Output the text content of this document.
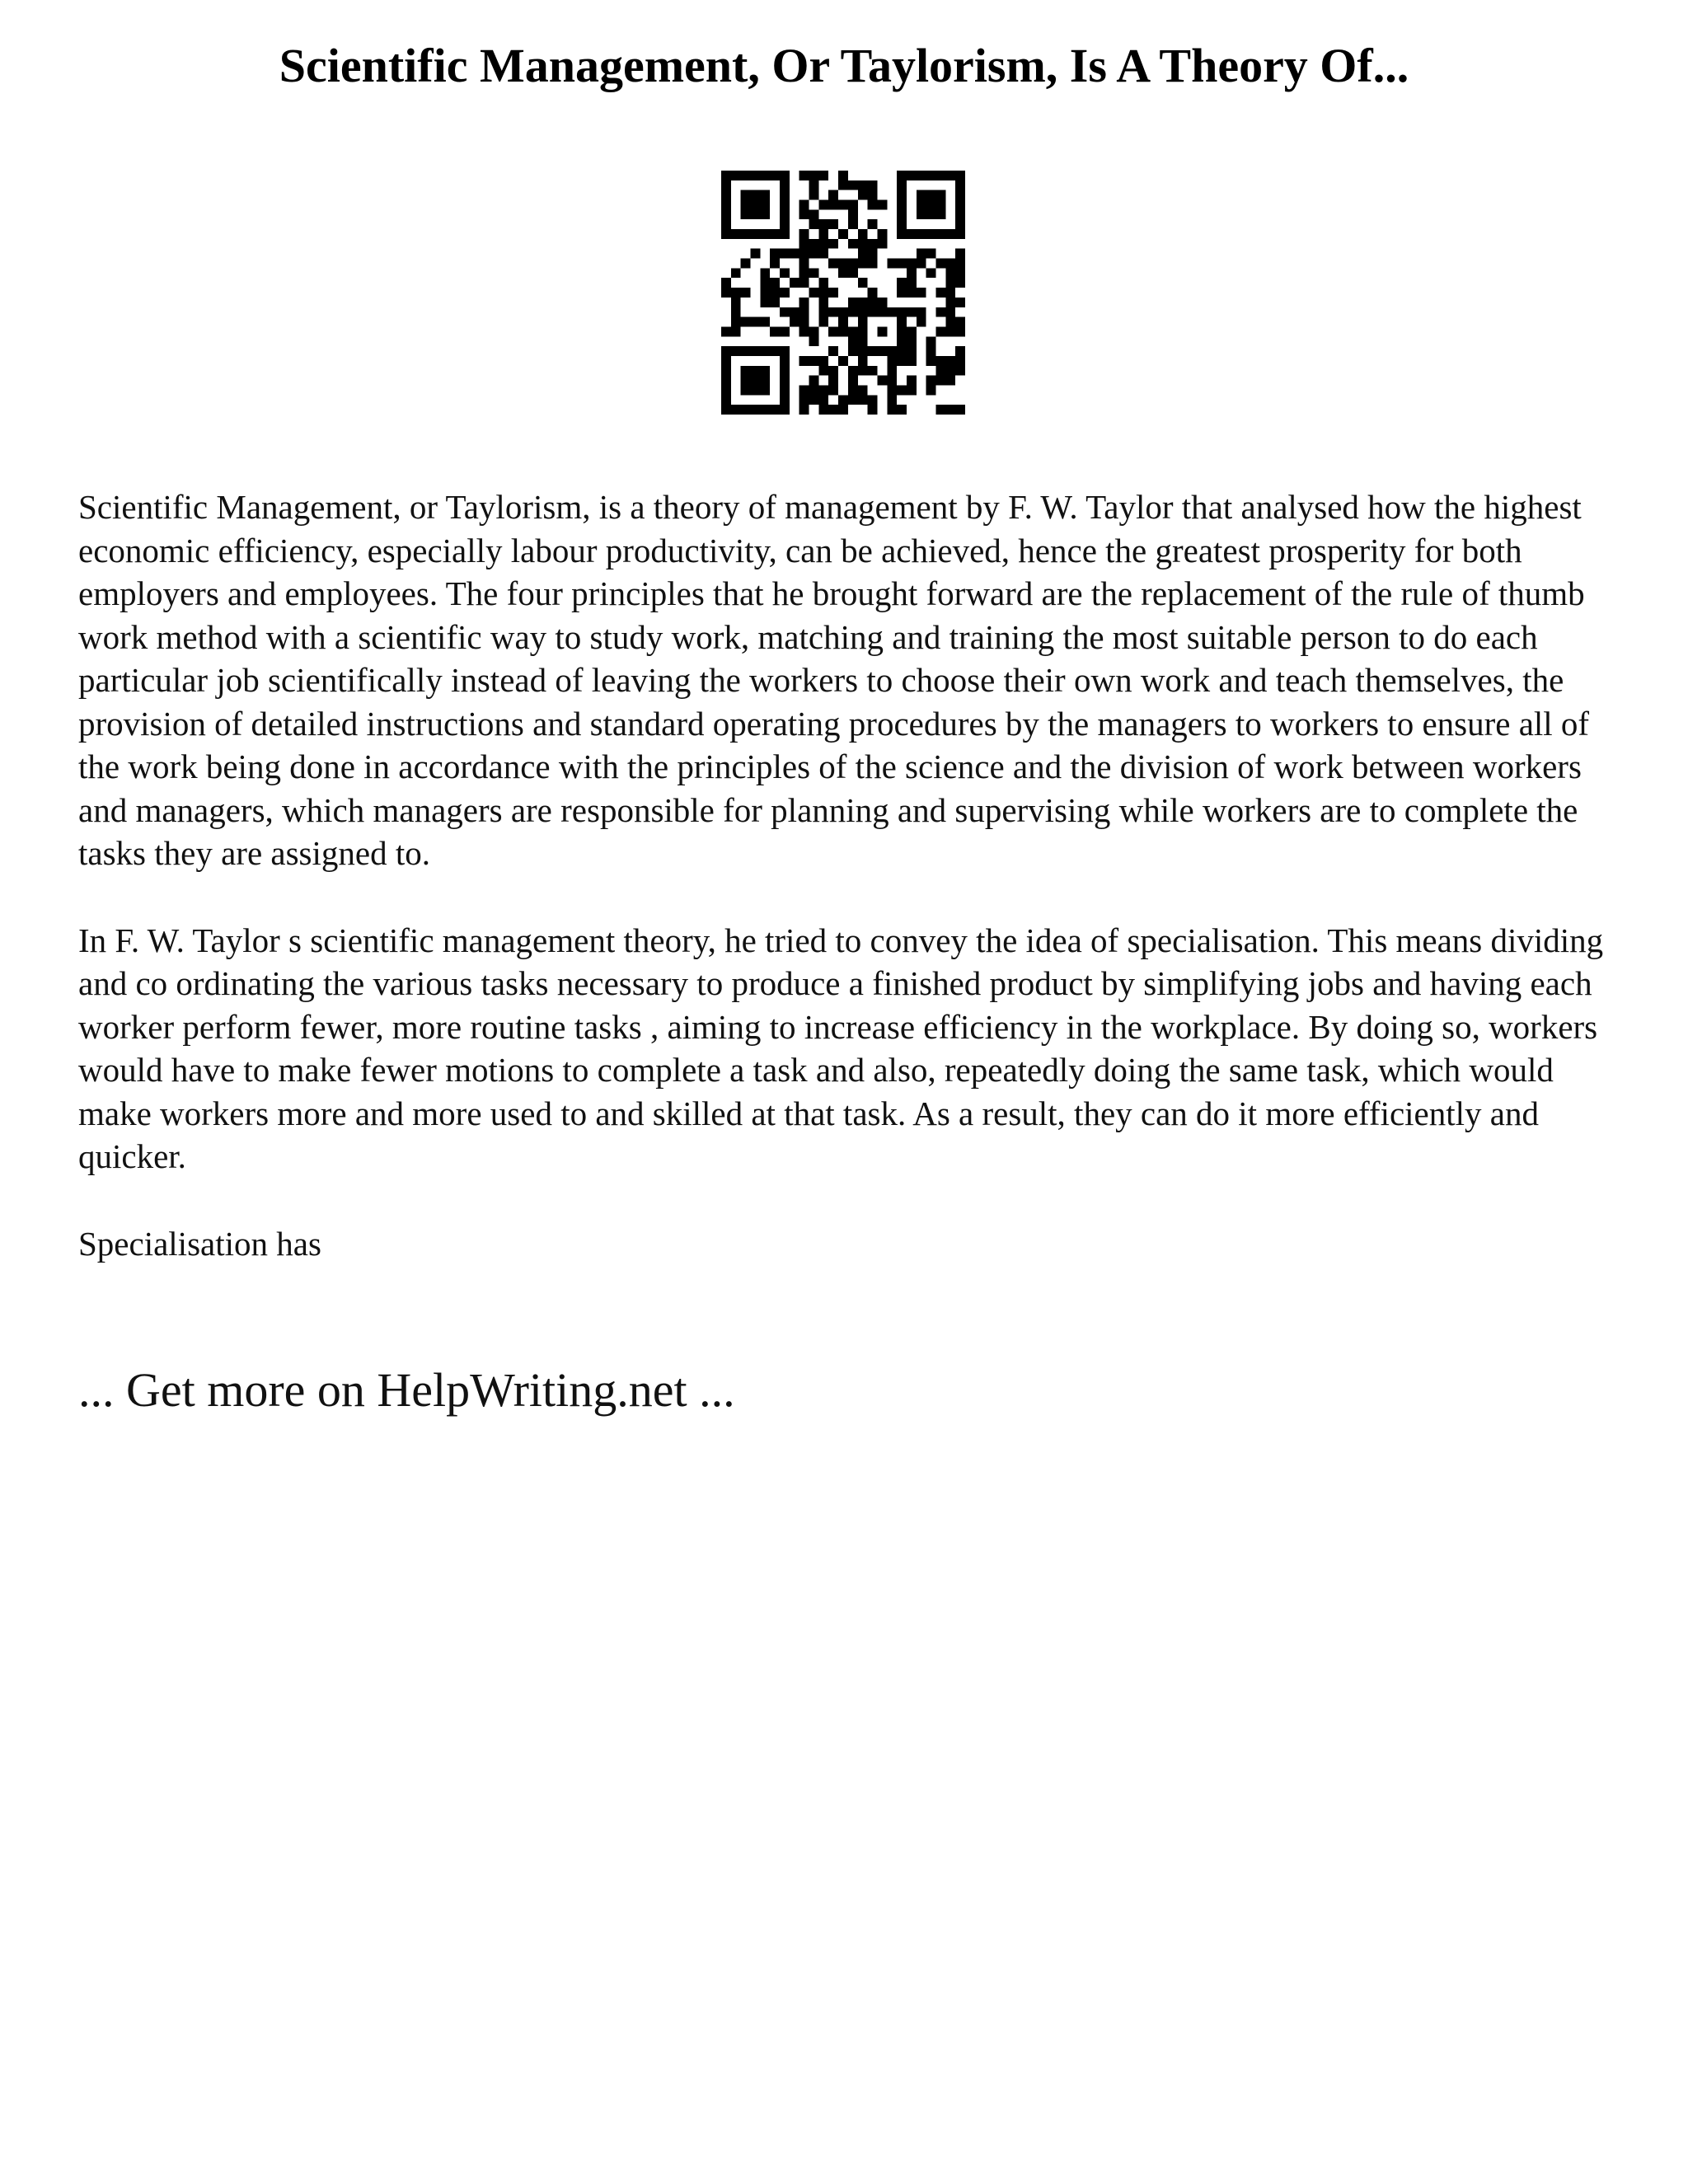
Scientific Management, Or Taylorism, Is A Theory Of...

Scientific Management, or Taylorism, is a theory of management by F. W. Taylor that analysed how the highest economic efficiency, especially labour productivity, can be achieved, hence the greatest prosperity for both employers and employees. The four principles that he brought forward are the replacement of the rule of thumb work method with a scientific way to study work, matching and training the most suitable person to do each particular job scientifically instead of leaving the workers to choose their own work and teach themselves, the provision of detailed instructions and standard operating procedures by the managers to workers to ensure all of the work being done in accordance with the principles of the science and the division of work between workers and managers, which managers are responsible for planning and supervising while workers are to complete the tasks they are assigned to.

In F. W. Taylor s scientific management theory, he tried to convey the idea of specialisation. This means dividing and co ordinating the various tasks necessary to produce a finished product by simplifying jobs and having each worker perform fewer, more routine tasks , aiming to increase efficiency in the workplace. By doing so, workers would have to make fewer motions to complete a task and also, repeatedly doing the same task, which would make workers more and more used to and skilled at that task. As a result, they can do it more efficiently and quicker.

Specialisation has

... Get more on HelpWriting.net ...
